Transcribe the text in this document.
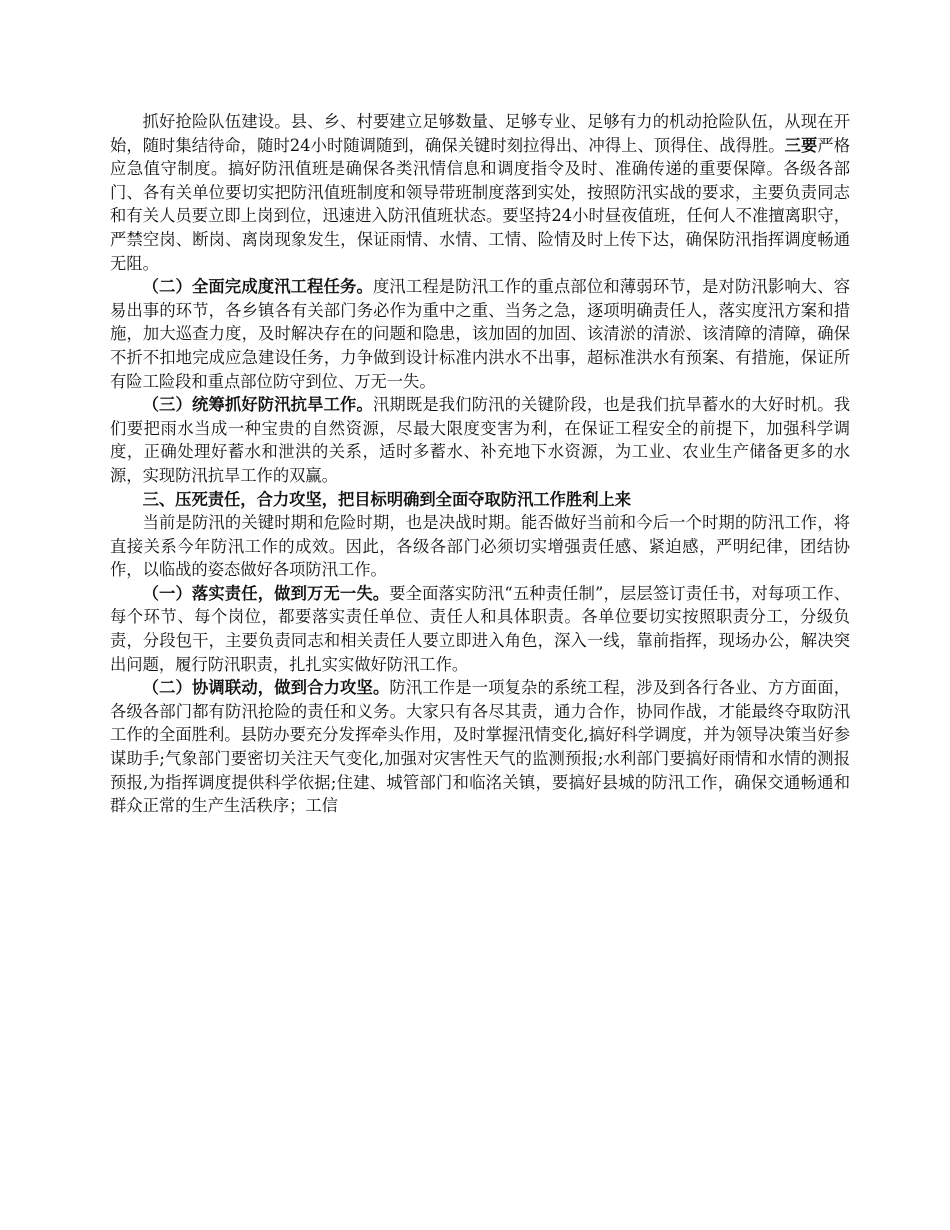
抓好抢险队伍建设。县、乡、村要建立足够数量、足够专业、足够有力的机动抢险队伍，从现在开始，随时集结待命，随时24小时随调随到，确保关键时刻拉得出、冲得上、顶得住、战得胜。三要严格应急值守制度。搞好防汛值班是确保各类汛情信息和调度指令及时、准确传递的重要保障。各级各部门、各有关单位要切实把防汛值班制度和领导带班制度落到实处，按照防汛实战的要求，主要负责同志和有关人员要立即上岗到位，迅速进入防汛值班状态。要坚持24小时昼夜值班，任何人不准擅离职守，严禁空岗、断岗、离岗现象发生，保证雨情、水情、工情、险情及时上传下达，确保防汛指挥调度畅通无阻。

（二）全面完成度汛工程任务。度汛工程是防汛工作的重点部位和薄弱环节，是对防汛影响大、容易出事的环节，各乡镇各有关部门务必作为重中之重、当务之急，逐项明确责任人，落实度汛方案和措施，加大巡查力度，及时解决存在的问题和隐患，该加固的加固、该清淤的清淤、该清障的清障，确保不折不扣地完成应急建设任务，力争做到设计标准内洪水不出事，超标准洪水有预案、有措施，保证所有险工险段和重点部位防守到位、万无一失。

（三）统筹抓好防汛抗旱工作。汛期既是我们防汛的关键阶段，也是我们抗旱蓄水的大好时机。我们要把雨水当成一种宝贵的自然资源，尽最大限度变害为利，在保证工程安全的前提下，加强科学调度，正确处理好蓄水和泄洪的关系，适时多蓄水、补充地下水资源，为工业、农业生产储备更多的水源，实现防汛抗旱工作的双赢。

三、压死责任，合力攻坚，把目标明确到全面夺取防汛工作胜利上来

当前是防汛的关键时期和危险时期，也是决战时期。能否做好当前和今后一个时期的防汛工作，将直接关系今年防汛工作的成效。因此，各级各部门必须切实增强责任感、紧迫感，严明纪律，团结协作，以临战的姿态做好各项防汛工作。

（一）落实责任，做到万无一失。要全面落实防汛“五种责任制”，层层签订责任书，对每项工作、每个环节、每个岗位，都要落实责任单位、责任人和具体职责。各单位要切实按照职责分工，分级负责，分段包干，主要负责同志和相关责任人要立即进入角色，深入一线，靠前指挥，现场办公，解决突出问题，履行防汛职责，扎扎实实做好防汛工作。

（二）协调联动，做到合力攻坚。防汛工作是一项复杂的系统工程，涉及到各行各业、方方面面，各级各部门都有防汛抢险的责任和义务。大家只有各尽其责，通力合作，协同作战，才能最终夺取防汛工作的全面胜利。县防办要充分发挥牵头作用，及时掌握汛情变化,搞好科学调度，并为领导决策当好参谋助手;气象部门要密切关注天气变化,加强对灾害性天气的监测预报;水利部门要搞好雨情和水情的测报预报,为指挥调度提供科学依据;住建、城管部门和临洺关镇，要搞好县城的防汛工作，确保交通畅通和群众正常的生产生活秩序；工信
